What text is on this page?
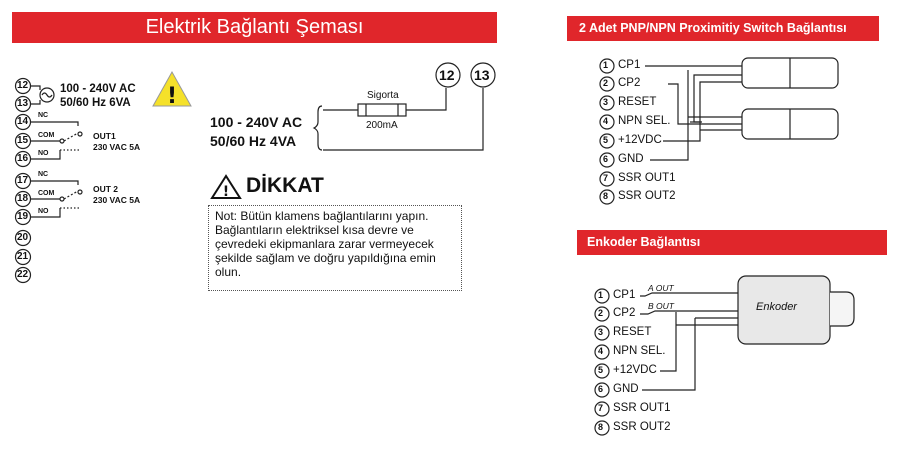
Elektrik Bağlantı Şeması	2 Adet PNP/NPN Proximitiy Switch Bağlantısı
Enkoder Bağlantısı
!
!
12
13
14
15
16
17
18
19
20
21
22
100 - 240V AC
50/60 Hz 6VA
NC
COM
NO
OUT1
230 VAC 5A
NC
COM
NO
OUT 2
230 VAC 5A
100 - 240V AC
50/60 Hz 4VA
Sigorta
200mA
12 13
DİKKAT
Not: Bütün klamens bağlantılarını yapın. Bağlantıların elektriksel kısa devre ve çevredeki ekipmanlara zarar vermeyecek şekilde sağlam ve doğru yapıldığına emin olun.
1
2
3
4
5
6
7
8
CP1
CP2
RESET
NPN SEL.
+12VDC
GND
SSR OUT1
SSR OUT2
1
2
3
4
5
6
7
8
CP1
CP2
RESET
NPN SEL.
+12VDC
GND
SSR OUT1
SSR OUT2
A OUT
B OUT	Enkoder
